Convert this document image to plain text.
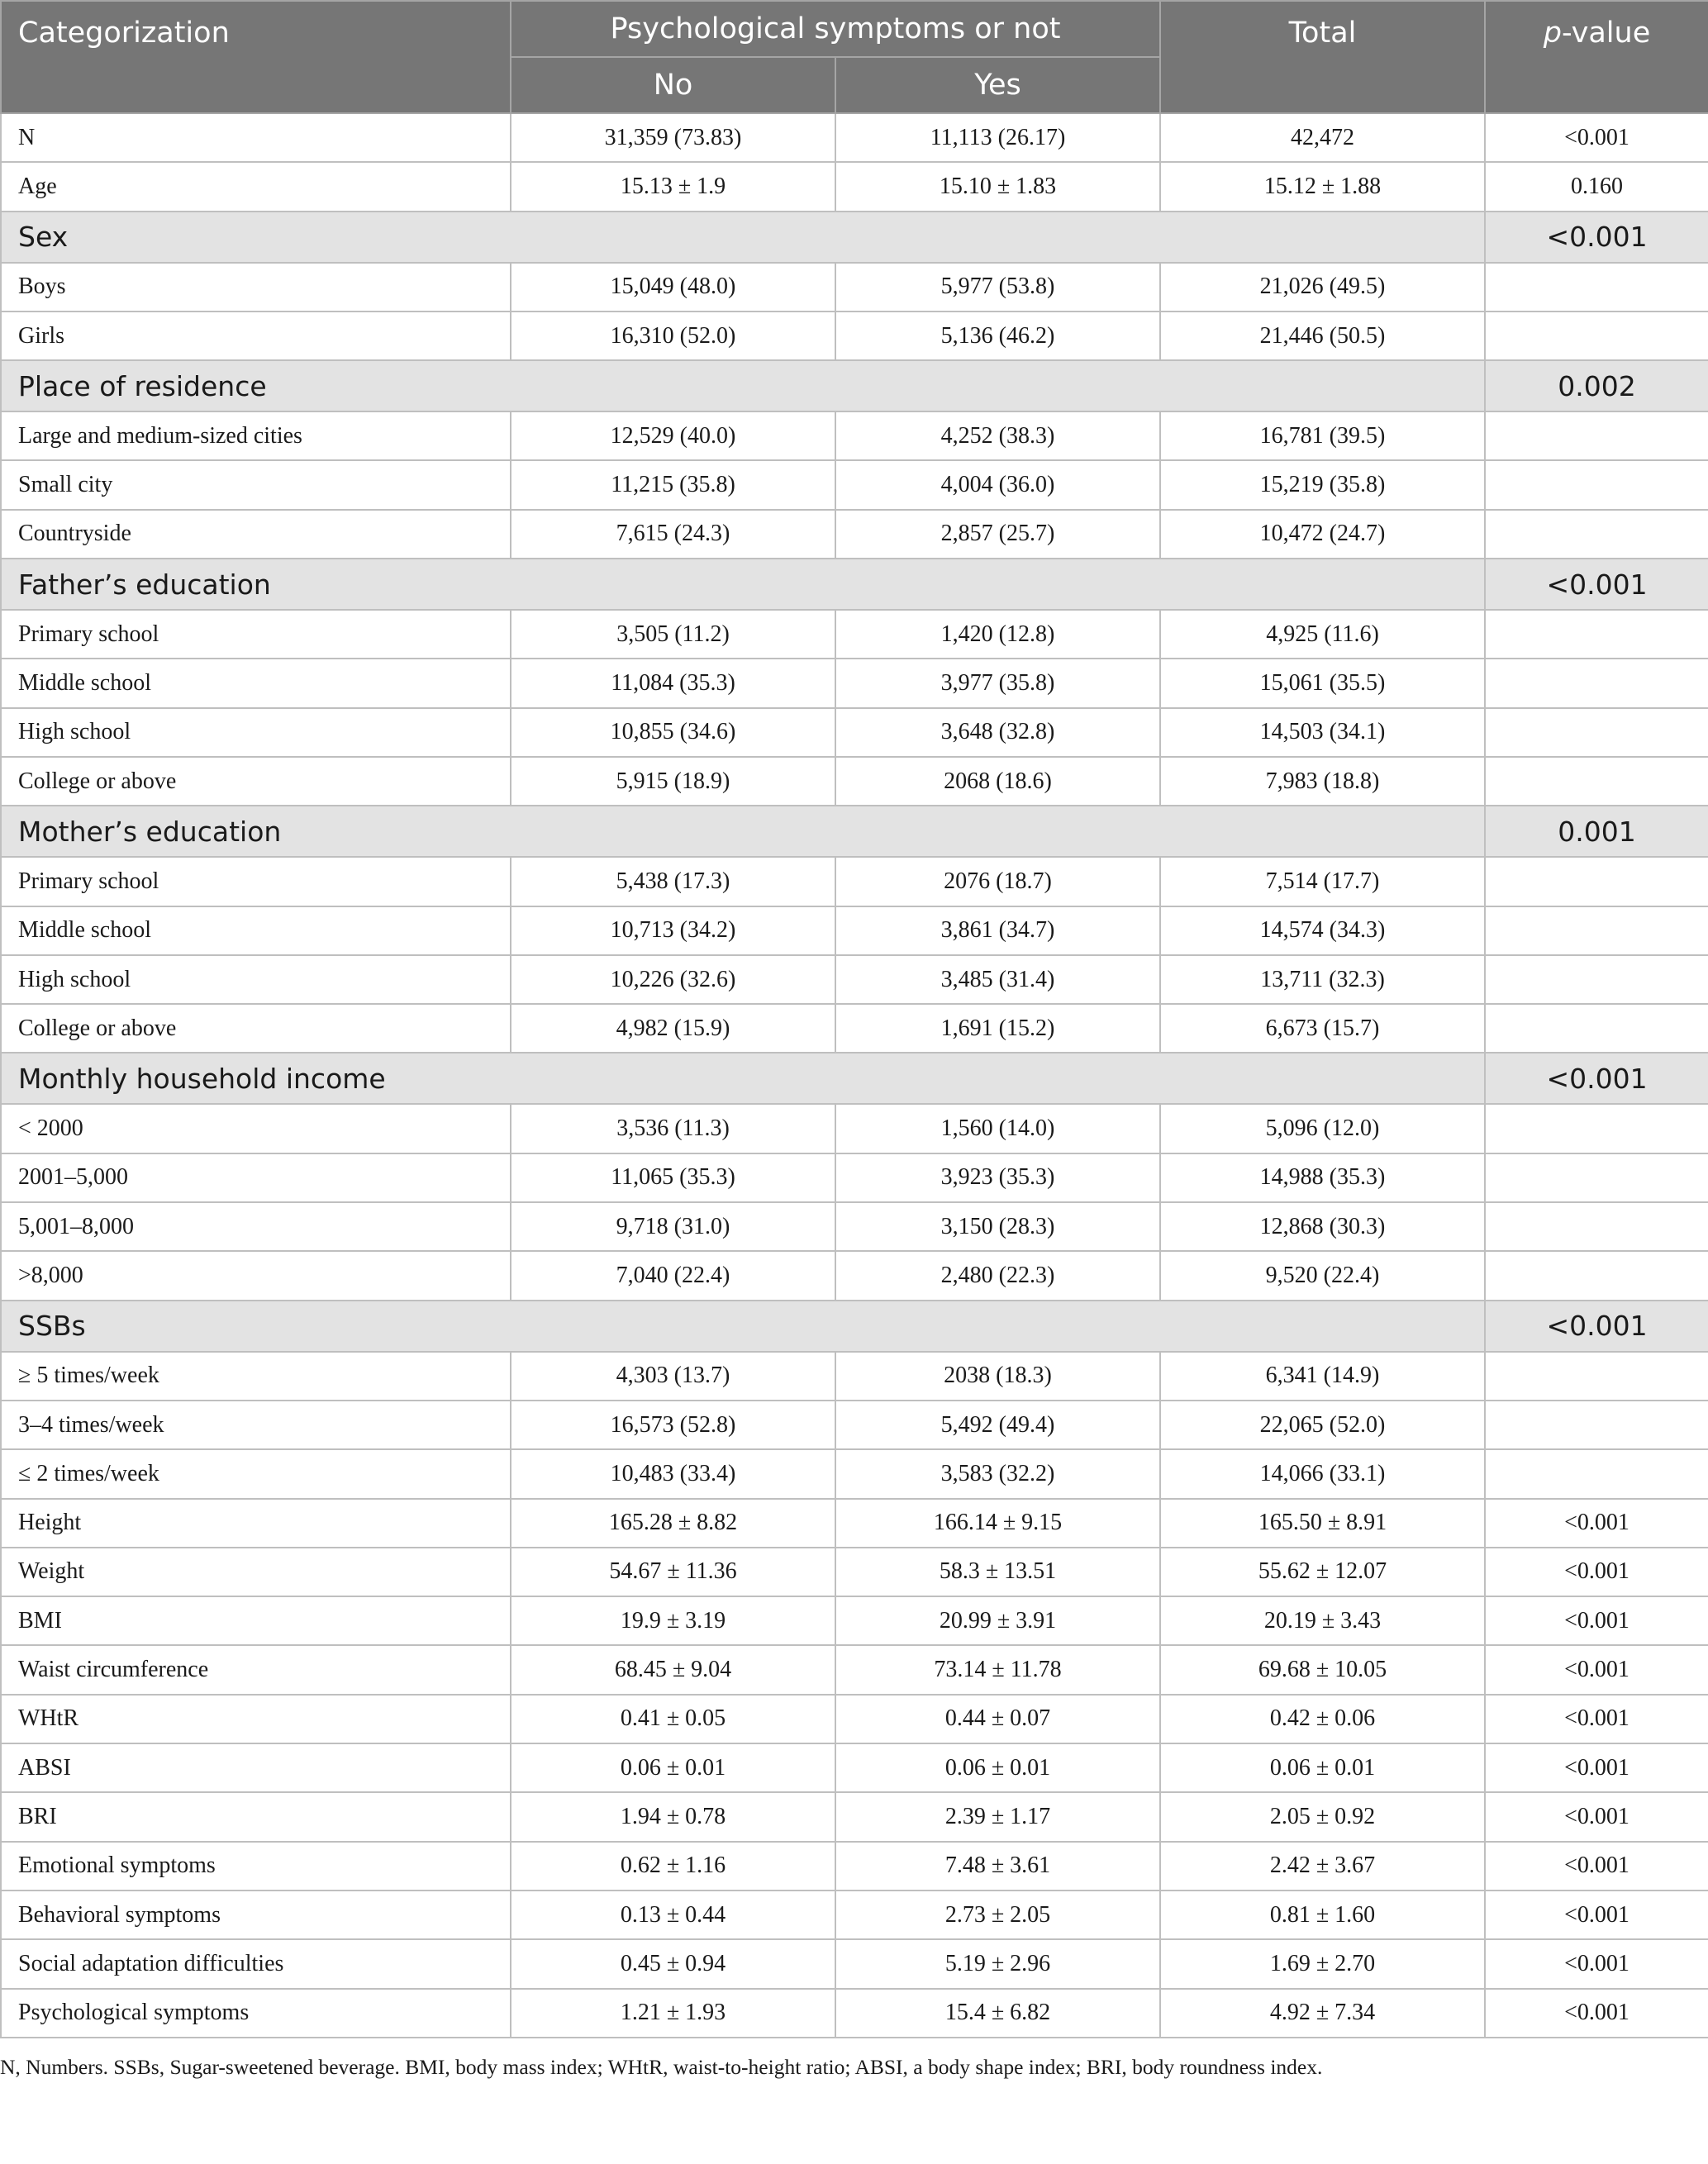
Categorization	Psychological symptoms or not		Total	p-value
	No	Yes		
N	31,359 (73.83)	11,113 (26.17)	42,472	<0.001
Age	15.13 ± 1.9	15.10 ± 1.83	15.12 ± 1.88	0.160
Sex				<0.001
Boys	15,049 (48.0)	5,977 (53.8)	21,026 (49.5)	
Girls	16,310 (52.0)	5,136 (46.2)	21,446 (50.5)	
Place of residence				0.002
Large and medium-sized cities	12,529 (40.0)	4,252 (38.3)	16,781 (39.5)	
Small city	11,215 (35.8)	4,004 (36.0)	15,219 (35.8)	
Countryside	7,615 (24.3)	2,857 (25.7)	10,472 (24.7)	
Father’s education				<0.001
Primary school	3,505 (11.2)	1,420 (12.8)	4,925 (11.6)	
Middle school	11,084 (35.3)	3,977 (35.8)	15,061 (35.5)	
High school	10,855 (34.6)	3,648 (32.8)	14,503 (34.1)	
College or above	5,915 (18.9)	2068 (18.6)	7,983 (18.8)	
Mother’s education				0.001
Primary school	5,438 (17.3)	2076 (18.7)	7,514 (17.7)	
Middle school	10,713 (34.2)	3,861 (34.7)	14,574 (34.3)	
High school	10,226 (32.6)	3,485 (31.4)	13,711 (32.3)	
College or above	4,982 (15.9)	1,691 (15.2)	6,673 (15.7)	
Monthly household income				<0.001
< 2000	3,536 (11.3)	1,560 (14.0)	5,096 (12.0)	
2001–5,000	11,065 (35.3)	3,923 (35.3)	14,988 (35.3)	
5,001–8,000	9,718 (31.0)	3,150 (28.3)	12,868 (30.3)	
>8,000	7,040 (22.4)	2,480 (22.3)	9,520 (22.4)	
SSBs				<0.001
≥ 5 times/week	4,303 (13.7)	2038 (18.3)	6,341 (14.9)	
3–4 times/week	16,573 (52.8)	5,492 (49.4)	22,065 (52.0)	
≤ 2 times/week	10,483 (33.4)	3,583 (32.2)	14,066 (33.1)	
Height	165.28 ± 8.82	166.14 ± 9.15	165.50 ± 8.91	<0.001
Weight	54.67 ± 11.36	58.3 ± 13.51	55.62 ± 12.07	<0.001
BMI	19.9 ± 3.19	20.99 ± 3.91	20.19 ± 3.43	<0.001
Waist circumference	68.45 ± 9.04	73.14 ± 11.78	69.68 ± 10.05	<0.001
WHtR	0.41 ± 0.05	0.44 ± 0.07	0.42 ± 0.06	<0.001
ABSI	0.06 ± 0.01	0.06 ± 0.01	0.06 ± 0.01	<0.001
BRI	1.94 ± 0.78	2.39 ± 1.17	2.05 ± 0.92	<0.001
Emotional symptoms	0.62 ± 1.16	7.48 ± 3.61	2.42 ± 3.67	<0.001
Behavioral symptoms	0.13 ± 0.44	2.73 ± 2.05	0.81 ± 1.60	<0.001
Social adaptation difficulties	0.45 ± 0.94	5.19 ± 2.96	1.69 ± 2.70	<0.001
Psychological symptoms	1.21 ± 1.93	15.4 ± 6.82	4.92 ± 7.34	<0.001
N, Numbers. SSBs, Sugar-sweetened beverage. BMI, body mass index; WHtR, waist-to-height ratio; ABSI, a body shape index; BRI, body roundness index.
